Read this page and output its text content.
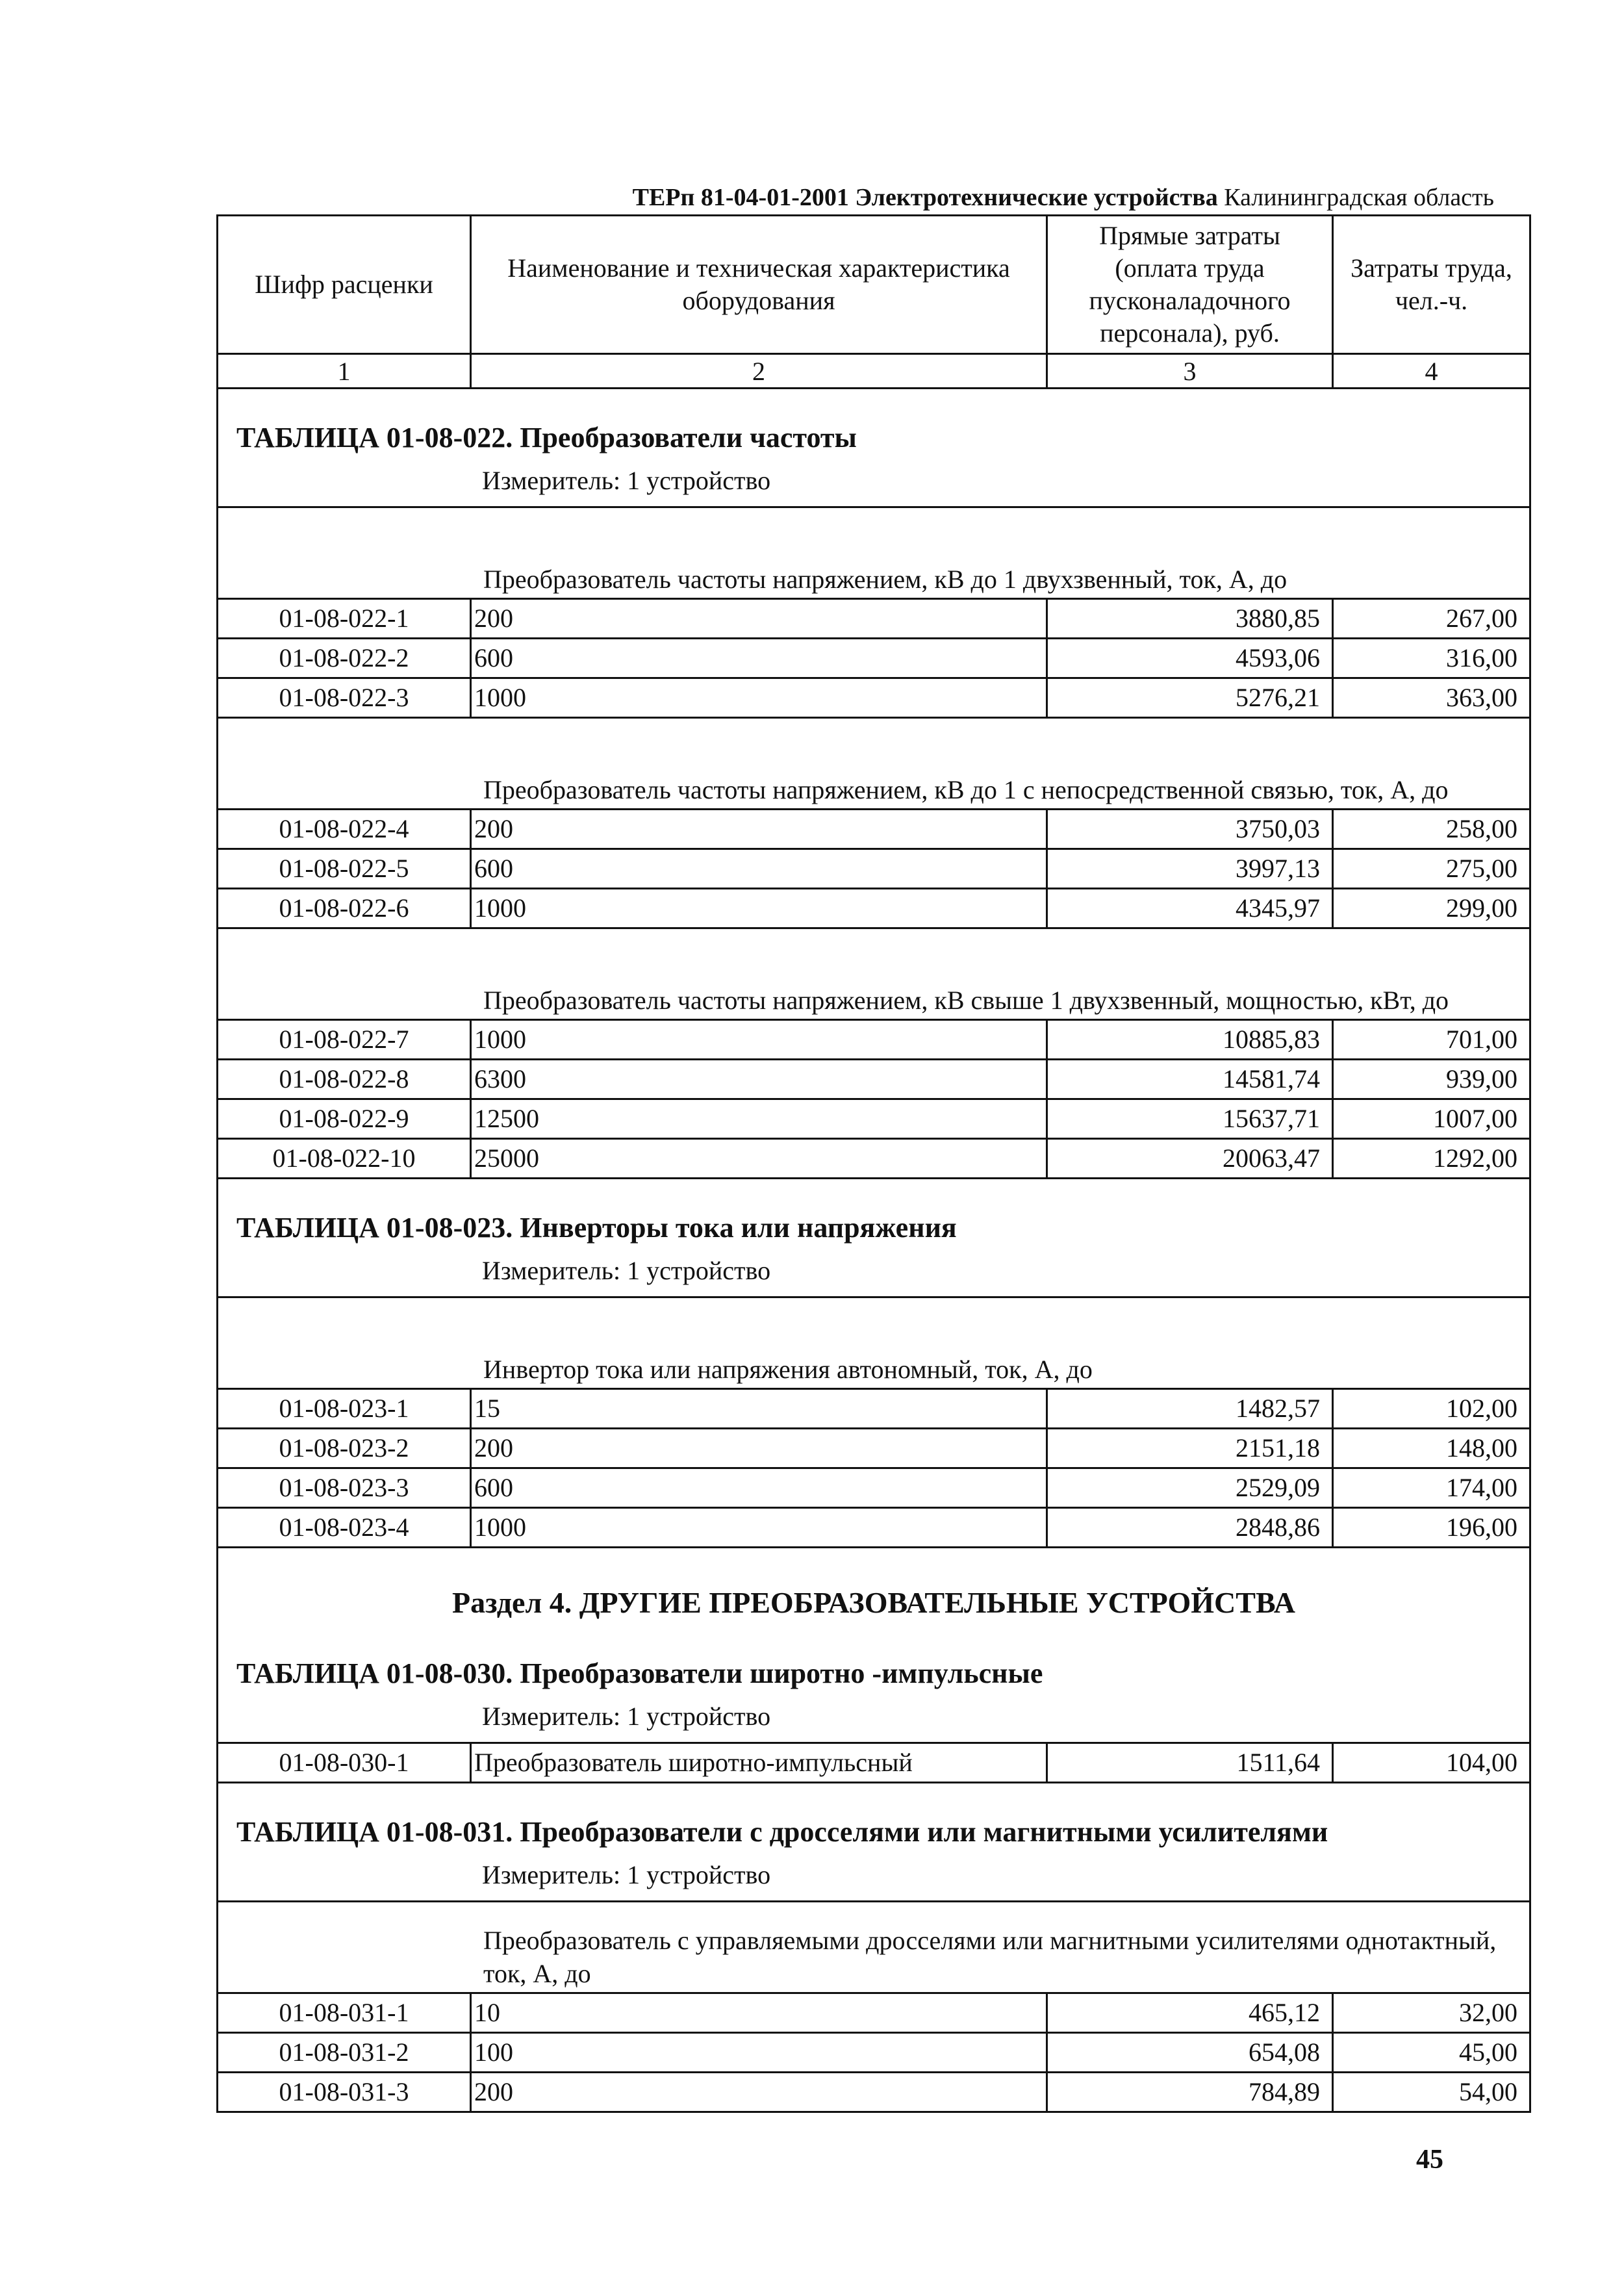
ТЕРп 81-04-01-2001 Электротехнические устройства Калининградская область
Шифр расценки	Наименование и техническая характеристика оборудования	Прямые затраты (оплата труда пусконаладочного персонала), руб.	Затраты труда, чел.-ч.
1	2	3	4
ТАБЛИЦА 01-08-022. Преобразователи частоты			

Измеритель: 1 устройство			

Преобразователь частоты напряжением, кВ до 1 двухзвенный, ток, А, до			

01-08-022-1	200	3880,85	267,00
01-08-022-2	600	4593,06	316,00
01-08-022-3	1000	5276,21	363,00

Преобразователь частоты напряжением, кВ до 1 с непосредственной связью, ток, А, до			

01-08-022-4	200	3750,03	258,00
01-08-022-5	600	3997,13	275,00
01-08-022-6	1000	4345,97	299,00

Преобразователь частоты напряжением, кВ свыше 1 двухзвенный, мощностью, кВт, до			

01-08-022-7	1000	10885,83	701,00
01-08-022-8	6300	14581,74	939,00
01-08-022-9	12500	15637,71	1007,00
01-08-022-10	25000	20063,47	1292,00
ТАБЛИЦА 01-08-023. Инверторы тока или напряжения			

Измеритель: 1 устройство			

Инвертор тока или напряжения автономный, ток, А, до			

01-08-023-1	15	1482,57	102,00
01-08-023-2	200	2151,18	148,00
01-08-023-3	600	2529,09	174,00
01-08-023-4	1000	2848,86	196,00
Раздел 4. ДРУГИЕ ПРЕОБРАЗОВАТЕЛЬНЫЕ УСТРОЙСТВА			
ТАБЛИЦА 01-08-030. Преобразователи широтно -импульсные			

Измеритель: 1 устройство			

01-08-030-1	Преобразователь широтно-импульсный	1511,64	104,00
ТАБЛИЦА 01-08-031. Преобразователи с дросселями или магнитными усилителями			

Измеритель: 1 устройство			

Преобразователь с управляемыми дросселями или магнитными усилителями однотактный, ток, А, до			

01-08-031-1	10	465,12	32,00
01-08-031-2	100	654,08	45,00
01-08-031-3	200	784,89	54,00
45
